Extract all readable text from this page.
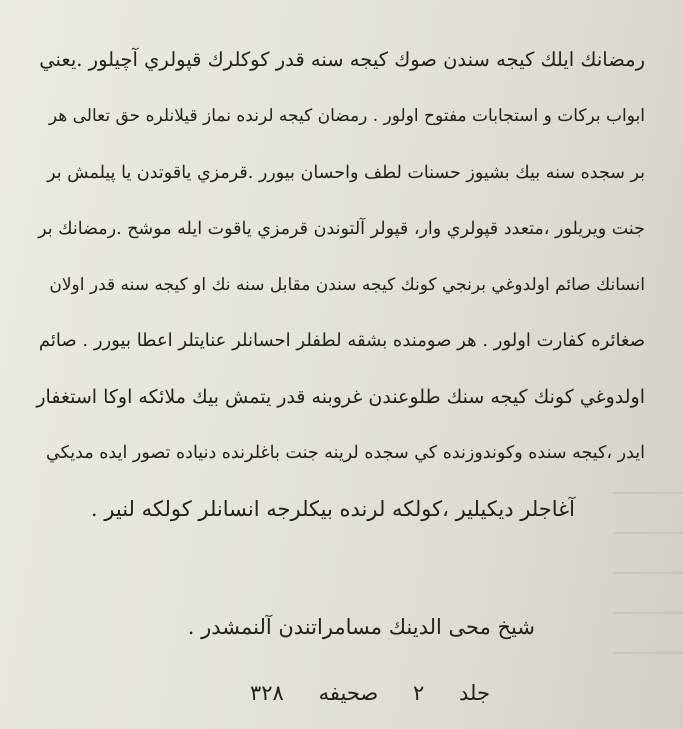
رمضانك ايلك كيجه سندن صوك كيجه سنه قدر كوكلرك قپولري آچيلور .يعني
ابواب بركات و استجابات مفتوح اولور . رمضان كيجه لرنده نماز قيلانلره حق تعالى هر
بر سجده سنه بيك بشيوز حسنات لطف واحسان بيورر .قرمزي ياقوتدن يا پيلمش بر
جنت ويريلور ،متعدد قپولري وار، قپولر آلتوندن قرمزي ياقوت ايله موشح .رمضانك بر
انسانك صائم اولدوغي برنجي كونك كيجه سندن مقابل سنه نك او كيجه سنه قدر اولان
صغائره كفارت اولور . هر صومنده بشقه لطفلر احسانلر عنايتلر اعطا بيورر . صائم
اولدوغي كونك كيجه سنك طلوعندن غروبنه قدر يتمش بيك ملائكه اوكا استغفار
ايدر ،كيجه سنده وكوندوزنده كي سجده لرينه جنت باغلرنده دنياده تصور ايده مديكي
آغاجلر ديكيلير ،كولكه لرنده بيكلرجه انسانلر كولكه لنير .
شيخ محى الدينك مسامراتندن آلنمشدر .
جلد
٢
صحيفه
٣٢٨
